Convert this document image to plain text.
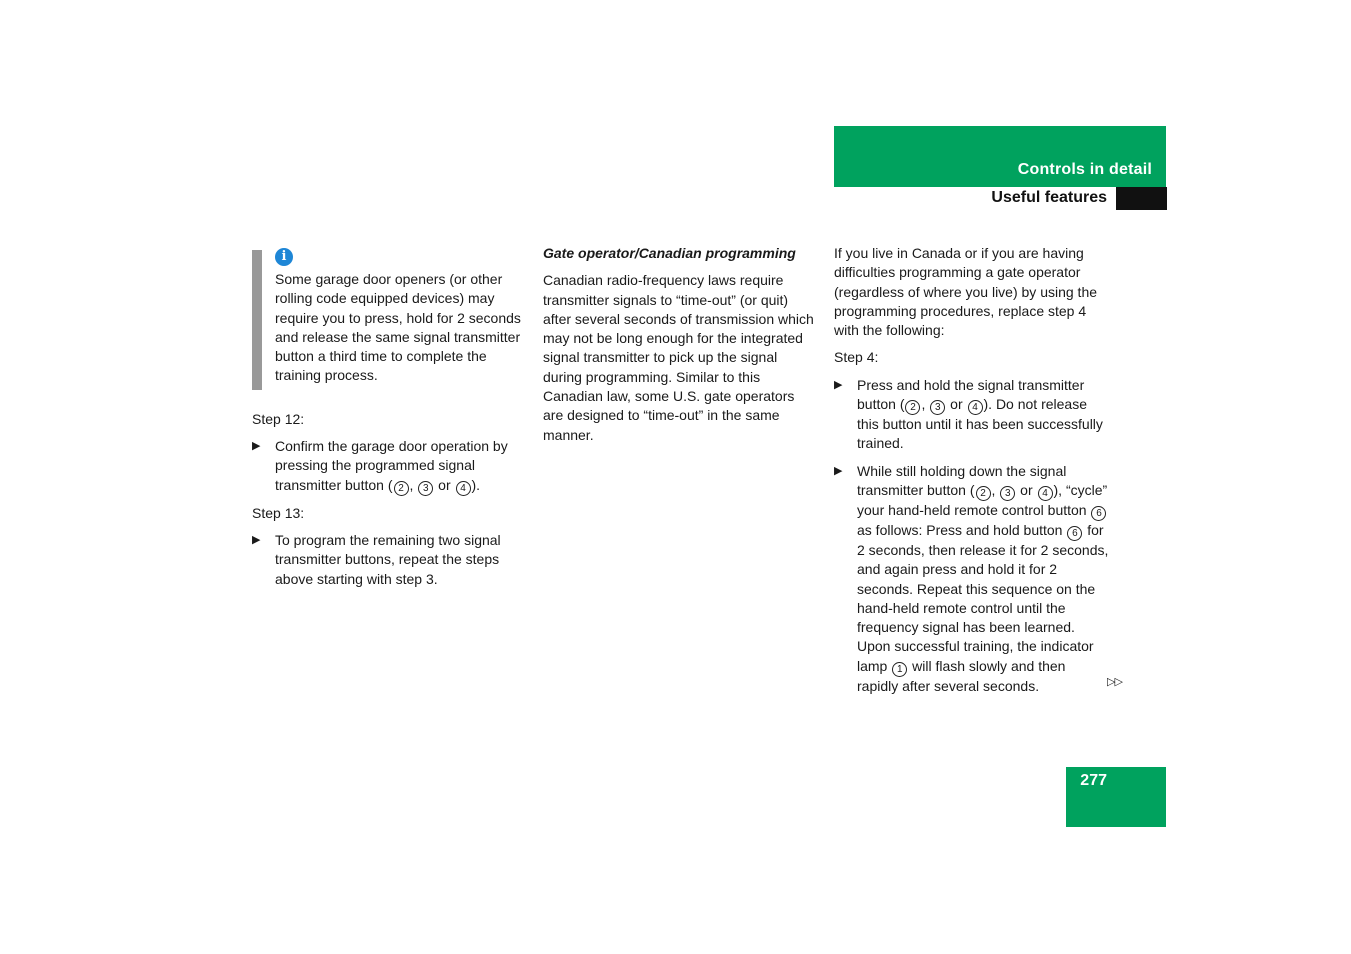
Controls in detail
Useful features
i

Some garage door openers (or other rolling code equipped devices) may require you to press, hold for 2 seconds and release the same signal transmitter button a third time to complete the training process.

Step 12:

▶ Confirm the garage door operation by pressing the programmed signal transmitter button ( 2 , 3 or 4 ).

Step 13:

▶ To program the remaining two signal transmitter buttons, repeat the steps above starting with step 3.

Gate operator/Canadian programming

Canadian radio-frequency laws require transmitter signals to “time-out” (or quit) after several seconds of transmission which may not be long enough for the integrated signal transmitter to pick up the signal during programming. Similar to this Canadian law, some U.S. gate operators are designed to “time-out” in the same manner.

If you live in Canada or if you are having difficulties programming a gate operator (regardless of where you live) by using the programming procedures, replace step 4 with the following:

Step 4:

▶ Press and hold the signal transmitter button ( 2 , 3 or 4 ). Do not release this button until it has been successfully trained.
▶ While still holding down the signal transmitter button ( 2 , 3 or 4 ), “cycle” your hand-held remote control button 6 as follows: Press and hold button 6 for 2 seconds, then release it for 2 seconds, and again press and hold it for 2 seconds. Repeat this sequence on the hand-held remote control until the frequency signal has been learned. Upon successful training, the indicator lamp 1 will flash slowly and then rapidly after several seconds.	▷▷
277
